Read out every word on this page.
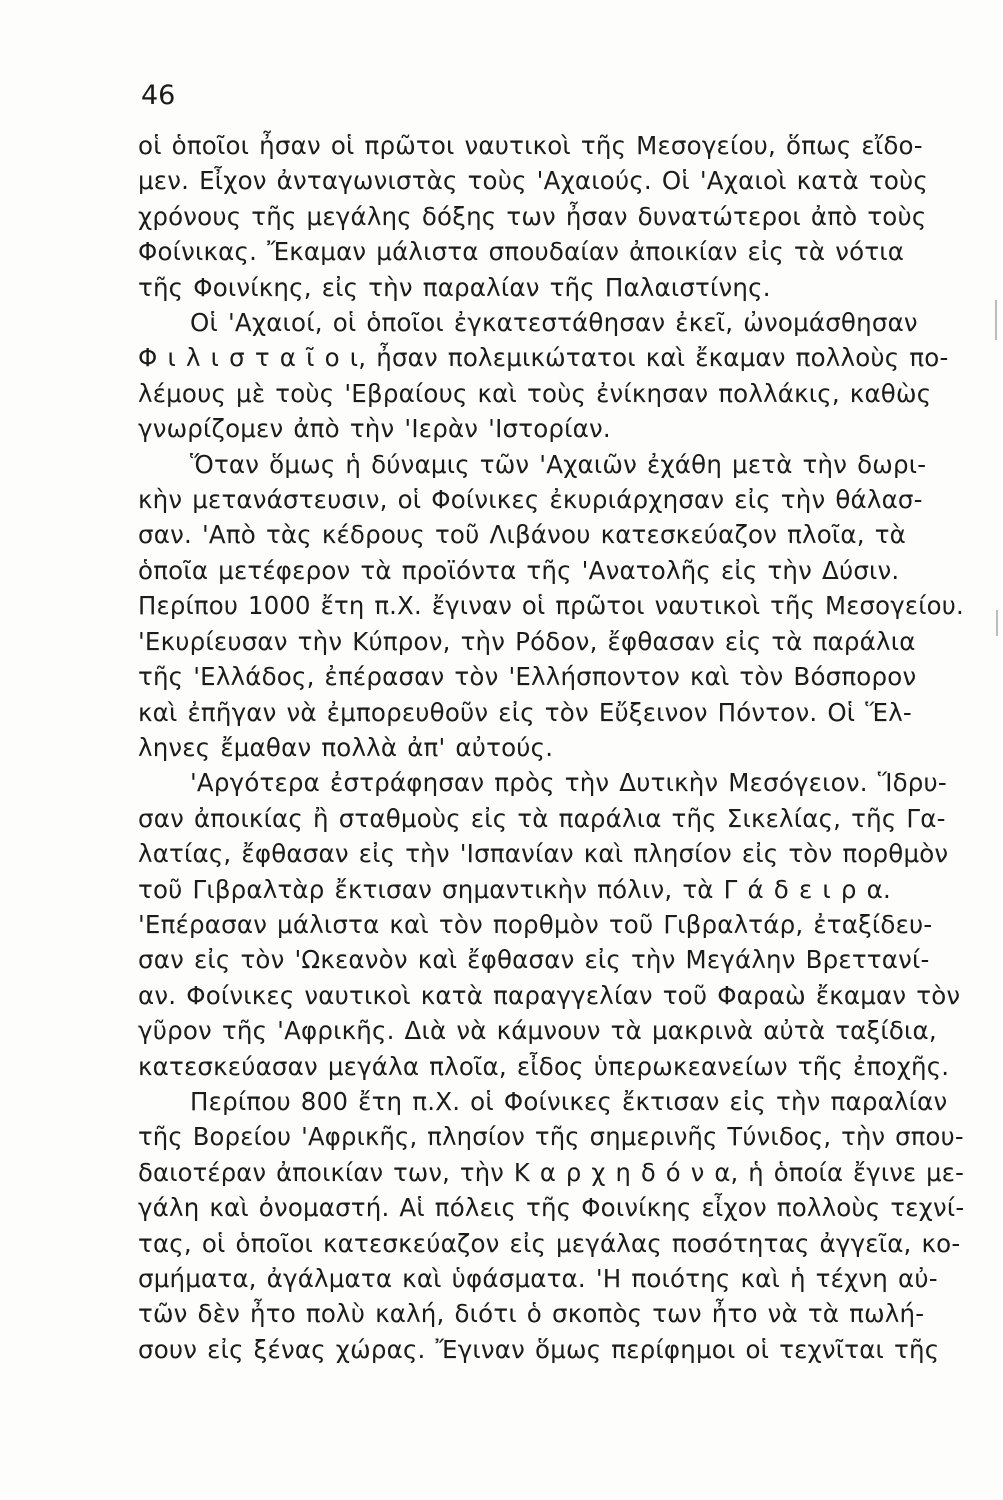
46

οἱ ὁποῖοι ἦσαν οἱ πρῶτοι ναυτικοὶ τῆς Μεσογείου, ὅπως εἴδο-
μεν. Εἶχον ἀνταγωνιστὰς τοὺς 'Αχαιούς. Οἱ 'Αχαιοὶ κατὰ τοὺς
χρόνους τῆς μεγάλης δόξης των ἦσαν δυνατώτεροι ἀπὸ τοὺς
Φοίνικας. Ἔκαμαν μάλιστα σπουδαίαν ἀποικίαν εἰς τὰ νότια
τῆς Φοινίκης, εἰς τὴν παραλίαν τῆς Παλαιστίνης.
Οἱ 'Αχαιοί, οἱ ὁποῖοι ἐγκατεστάθησαν ἐκεῖ, ὠνομάσθησαν
Φ ι λ ι σ τ α ῖ ο ι, ἦσαν πολεμικώτατοι καὶ ἔκαμαν πολλοὺς πο-
λέμους μὲ τοὺς 'Εβραίους καὶ τοὺς ἐνίκησαν πολλάκις, καθὼς
γνωρίζομεν ἀπὸ τὴν 'Ιερὰν 'Ιστορίαν.
Ὅταν ὅμως ἡ δύναμις τῶν 'Αχαιῶν ἐχάθη μετὰ τὴν δωρι-
κὴν μετανάστευσιν, οἱ Φοίνικες ἐκυριάρχησαν εἰς τὴν θάλασ-
σαν. 'Απὸ τὰς κέδρους τοῦ Λιβάνου κατεσκεύαζον πλοῖα, τὰ
ὁποῖα μετέφερον τὰ προϊόντα τῆς 'Ανατολῆς εἰς τὴν Δύσιν.
Περίπου 1000 ἔτη π.Χ. ἔγιναν οἱ πρῶτοι ναυτικοὶ τῆς Μεσογείου.
'Εκυρίευσαν τὴν Κύπρον, τὴν Ρόδον, ἔφθασαν εἰς τὰ παράλια
τῆς 'Ελλάδος, ἐπέρασαν τὸν 'Ελλήσποντον καὶ τὸν Βόσπορον
καὶ ἐπῆγαν νὰ ἐμπορευθοῦν εἰς τὸν Εὔξεινον Πόντον. Οἱ Ἕλ-
ληνες ἔμαθαν πολλὰ ἀπ' αὐτούς.
'Αργότερα ἐστράφησαν πρὸς τὴν Δυτικὴν Μεσόγειον. Ἵδρυ-
σαν ἀποικίας ἢ σταθμοὺς εἰς τὰ παράλια τῆς Σικελίας, τῆς Γα-
λατίας, ἔφθασαν εἰς τὴν 'Ισπανίαν καὶ πλησίον εἰς τὸν πορθμὸν
τοῦ Γιβραλτὰρ ἔκτισαν σημαντικὴν πόλιν, τὰ Γ ά δ ε ι ρ α.
'Επέρασαν μάλιστα καὶ τὸν πορθμὸν τοῦ Γιβραλτάρ, ἐταξίδευ-
σαν εἰς τὸν 'Ωκεανὸν καὶ ἔφθασαν εἰς τὴν Μεγάλην Βρεττανί-
αν. Φοίνικες ναυτικοὶ κατὰ παραγγελίαν τοῦ Φαραὼ ἔκαμαν τὸν
γῦρον τῆς 'Αφρικῆς. Διὰ νὰ κάμνουν τὰ μακρινὰ αὐτὰ ταξίδια,
κατεσκεύασαν μεγάλα πλοῖα, εἶδος ὑπερωκεανείων τῆς ἐποχῆς.
Περίπου 800 ἔτη π.Χ. οἱ Φοίνικες ἔκτισαν εἰς τὴν παραλίαν
τῆς Βορείου 'Αφρικῆς, πλησίον τῆς σημερινῆς Τύνιδος, τὴν σπου-
δαιοτέραν ἀποικίαν των, τὴν Κ α ρ χ η δ ό ν α, ἡ ὁποία ἔγινε με-
γάλη καὶ ὀνομαστή. Αἱ πόλεις τῆς Φοινίκης εἶχον πολλοὺς τεχνί-
τας, οἱ ὁποῖοι κατεσκεύαζον εἰς μεγάλας ποσότητας ἀγγεῖα, κο-
σμήματα, ἀγάλματα καὶ ὑφάσματα. 'Η ποιότης καὶ ἡ τέχνη αὐ-
τῶν δὲν ἦτο πολὺ καλή, διότι ὁ σκοπὸς των ἦτο νὰ τὰ πωλή-
σουν εἰς ξένας χώρας. Ἔγιναν ὅμως περίφημοι οἱ τεχνῖται τῆς
